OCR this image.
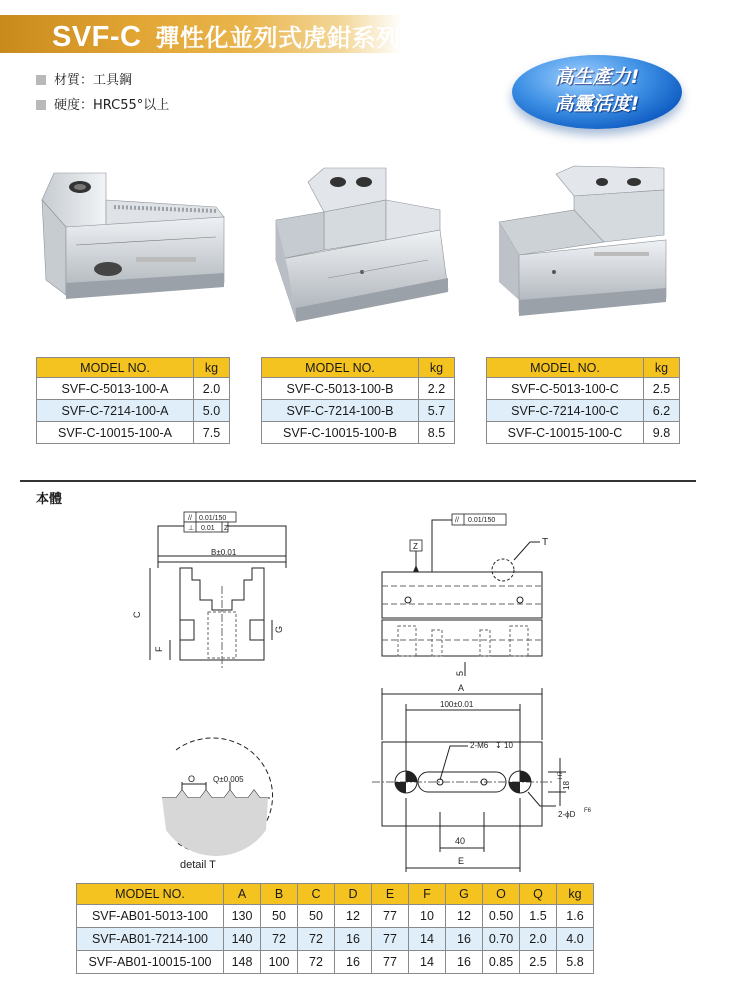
SVF-C 彈性化並列式虎鉗系列
材質：工具鋼
硬度：HRC55°以上
高生產力!
高靈活度!
MODEL NO.	kg
SVF-C-5013-100-A	2.0
SVF-C-7214-100-A	5.0
SVF-C-10015-100-A	7.5
MODEL NO.	kg
SVF-C-5013-100-B	2.2
SVF-C-7214-100-B	5.7
SVF-C-10015-100-B	8.5
MODEL NO.	kg
SVF-C-5013-100-C	2.5
SVF-C-7214-100-C	6.2
SVF-C-10015-100-C	9.8
本體
// 0.01/150
⊥ 0.01 Z
B±0.01
C
F
G
// 0.01/150
Z	T
5
A
100±0.01
2-M6 ↧ 10
18
H7
2-ϕD F6
40
E
O Q±0.005
detail T
MODEL NO.	A	B	C	D	E	F	G	O	Q	kg
SVF-AB01-5013-100	130	50	50	12	77	10	12	0.50	1.5	1.6
SVF-AB01-7214-100	140	72	72	16	77	14	16	0.70	2.0	4.0
SVF-AB01-10015-100	148	100	72	16	77	14	16	0.85	2.5	5.8
